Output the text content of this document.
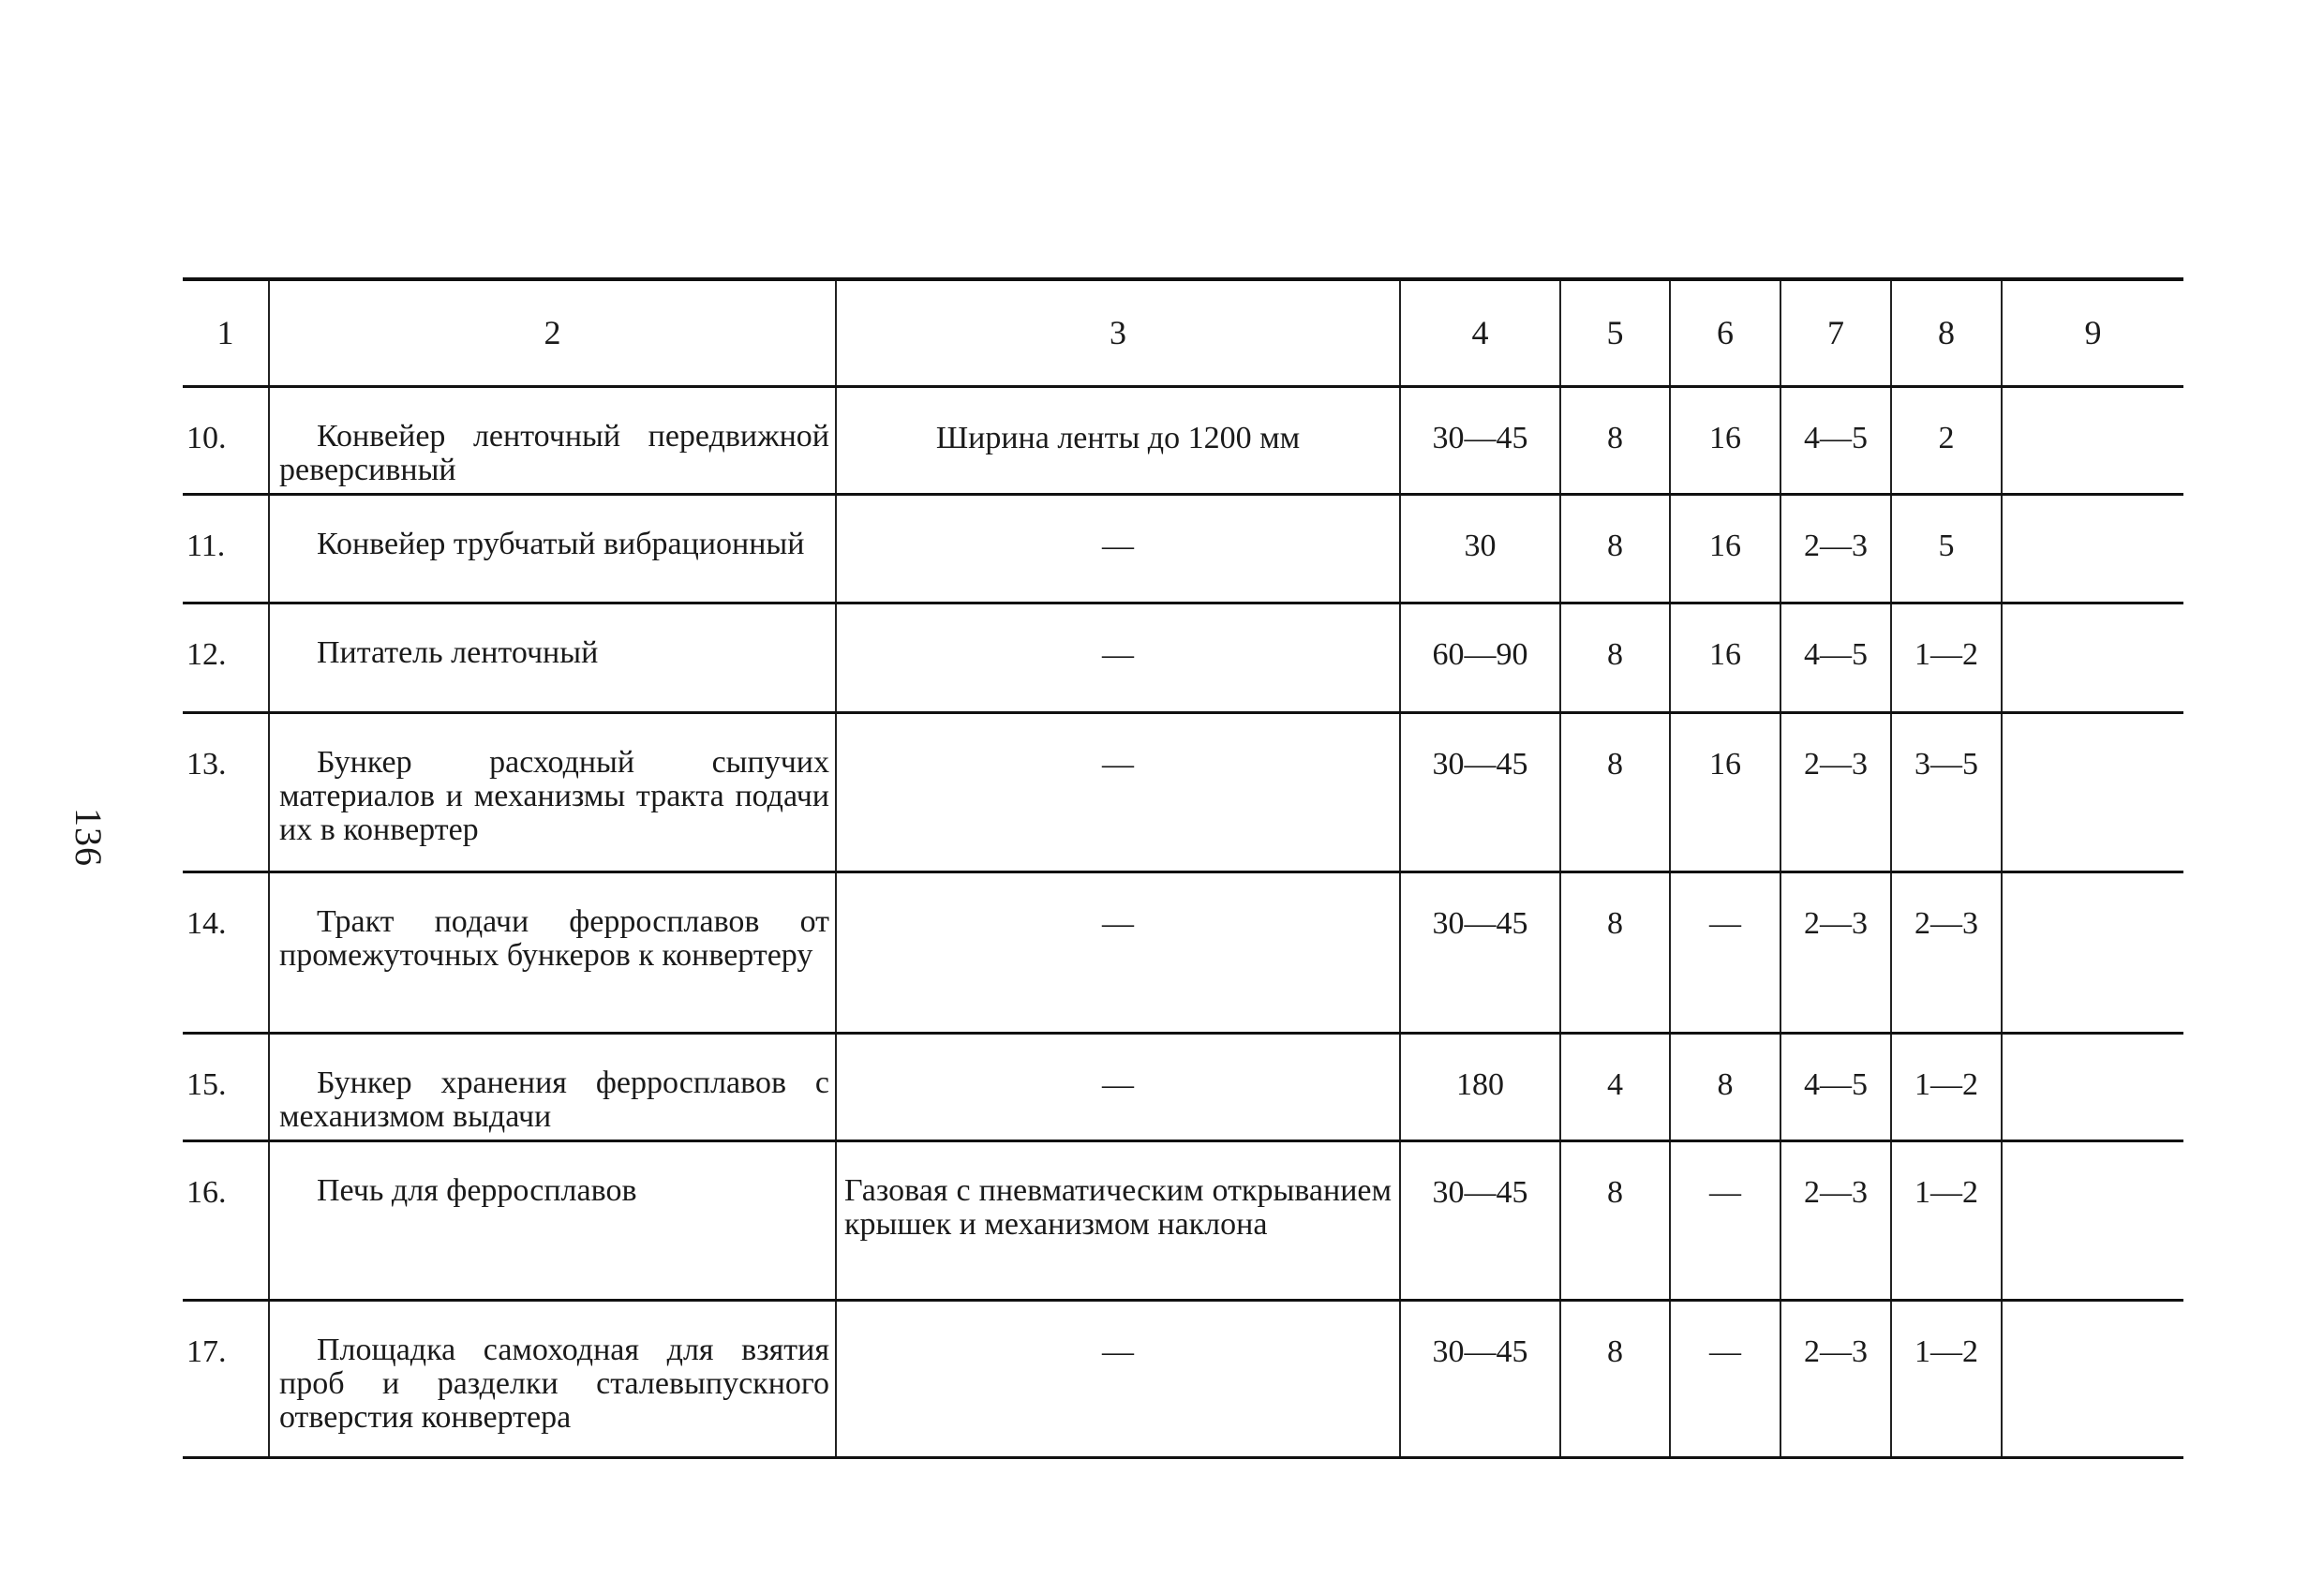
136
1	2	3	4	5	6	7	8	9

10.	Конвейер ленточный передвижной реверсивный	Ширина ленты до 1200 мм	30—45	8	16	4—5	2	

11.	Конвейер трубчатый вибрационный	—	30	8	16	2—3	5	

12.	Питатель ленточный	—	60—90	8	16	4—5	1—2	

13.	Бункер расходный сыпучих материалов и механизмы тракта подачи их в конвертер	—	30—45	8	16	2—3	3—5	

14.	Тракт подачи ферросплавов от промежуточных бункеров к конвертеру	—	30—45	8	—	2—3	2—3	

15.	Бункер хранения ферросплавов с механизмом выдачи	—	180	4	8	4—5	1—2	

16.	Печь для ферросплавов	Газовая с пневматическим открыванием крышек и механизмом наклона	30—45	8	—	2—3	1—2	

17.	Площадка самоходная для взятия проб и разделки сталевыпускного отверстия конвертера	—	30—45	8	—	2—3	1—2	
